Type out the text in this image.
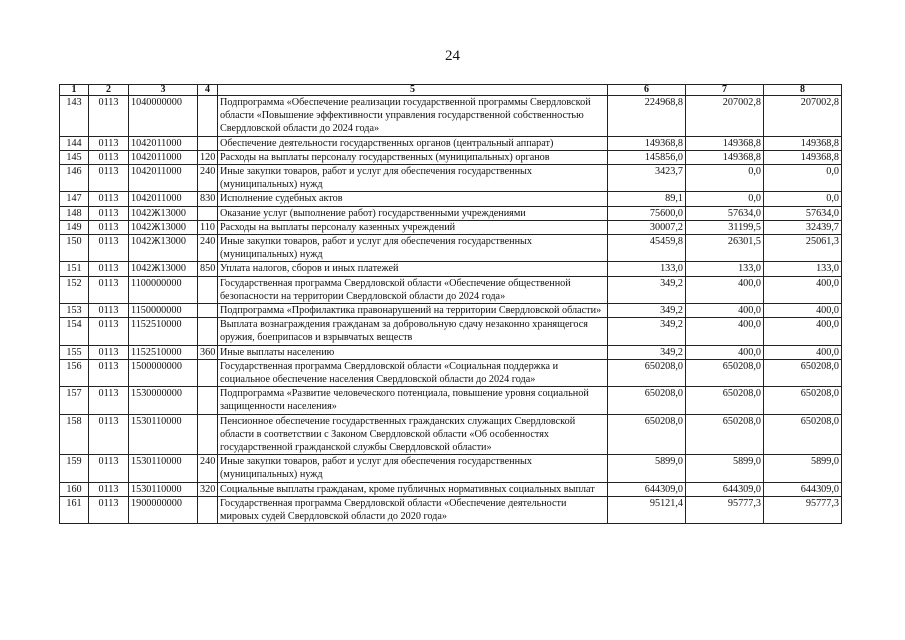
24
1	2	3	4	5	6	7	8
143	0113	1040000000		Подпрограмма «Обеспечение реализации государственной программы Свердловской области «Повышение эффективности управления государственной собственностью Свердловской области до 2024 года»	224968,8	207002,8	207002,8
144	0113	1042011000		Обеспечение деятельности государственных органов (центральный аппарат)	149368,8	149368,8	149368,8
145	0113	1042011000	120	Расходы на выплаты персоналу государственных (муниципальных) органов	145856,0	149368,8	149368,8
146	0113	1042011000	240	Иные закупки товаров, работ и услуг для обеспечения государственных (муниципальных) нужд	3423,7	0,0	0,0
147	0113	1042011000	830	Исполнение судебных актов	89,1	0,0	0,0
148	0113	1042Ж13000		Оказание услуг (выполнение работ) государственными учреждениями	75600,0	57634,0	57634,0
149	0113	1042Ж13000	110	Расходы на выплаты персоналу казенных учреждений	30007,2	31199,5	32439,7
150	0113	1042Ж13000	240	Иные закупки товаров, работ и услуг для обеспечения государственных (муниципальных) нужд	45459,8	26301,5	25061,3
151	0113	1042Ж13000	850	Уплата налогов, сборов и иных платежей	133,0	133,0	133,0
152	0113	1100000000		Государственная программа Свердловской области «Обеспечение общественной безопасности на территории Свердловской области до 2024 года»	349,2	400,0	400,0
153	0113	1150000000		Подпрограмма «Профилактика правонарушений на территории Свердловской области»	349,2	400,0	400,0
154	0113	1152510000		Выплата вознаграждения гражданам за добровольную сдачу незаконно хранящегося оружия, боеприпасов и взрывчатых веществ	349,2	400,0	400,0
155	0113	1152510000	360	Иные выплаты населению	349,2	400,0	400,0
156	0113	1500000000		Государственная программа Свердловской области «Социальная поддержка и социальное обеспечение населения Свердловской области до 2024 года»	650208,0	650208,0	650208,0
157	0113	1530000000		Подпрограмма «Развитие человеческого потенциала, повышение уровня социальной защищенности населения»	650208,0	650208,0	650208,0
158	0113	1530110000		Пенсионное обеспечение государственных гражданских служащих Свердловской области в соответствии с Законом Свердловской области «Об особенностях государственной гражданской службы Свердловской области»	650208,0	650208,0	650208,0
159	0113	1530110000	240	Иные закупки товаров, работ и услуг для обеспечения государственных (муниципальных) нужд	5899,0	5899,0	5899,0
160	0113	1530110000	320	Социальные выплаты гражданам, кроме публичных нормативных социальных выплат	644309,0	644309,0	644309,0
161	0113	1900000000		Государственная программа Свердловской области «Обеспечение деятельности мировых судей Свердловской области до 2020 года»	95121,4	95777,3	95777,3
